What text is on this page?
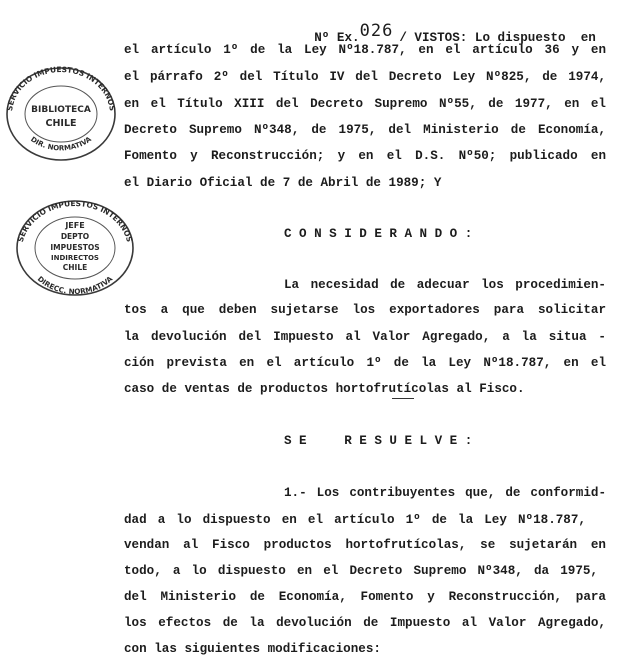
SERVICIO IMPUESTOS INTERNOS
DIR. NORMATIVA
BIBLIOTECA
CHILE
SERVICIO IMPUESTOS INTERNOS
DIRECC. NORMATIVA
JEFE
DEPTO
IMPUESTOS
INDIRECTOS
CHILE

Nº Ex.026 / VISTOS: Lo dispuesto  en

el artículo 1º de la Ley Nº18.787, en el artículo 36 y en
el párrafo 2º del Título IV del Decreto Ley Nº825, de 1974,
en el Título XIII del Decreto Supremo Nº55, de 1977, en el
Decreto Supremo Nº348, de 1975, del Ministerio de Economía,
Fomento y Reconstrucción; y en el D.S. Nº50; publicado en
el Diario Oficial de 7 de Abril de 1989; Y
CONSIDERANDO:
La necesidad de adecuar los procedimien-
tos a que deben sujetarse los exportadores para solicitar
la devolución del Impuesto al Valor Agregado, a la situa -
ción prevista en el artículo 1º de la Ley Nº18.787, en el
caso de ventas de productos hortofrutícolas al Fisco.
SE  RESUELVE:
1.- Los contribuyentes que, de conformid-
dad a lo dispuesto en el artículo 1º de la Ley Nº18.787,
vendan al Fisco productos hortofrutícolas, se sujetarán en
todo, a lo dispuesto en el Decreto Supremo Nº348, da 1975,
del Ministerio de Economía, Fomento y Reconstrucción, para
los efectos de la devolución de Impuesto al Valor Agregado,
con las siguientes modificaciones:
